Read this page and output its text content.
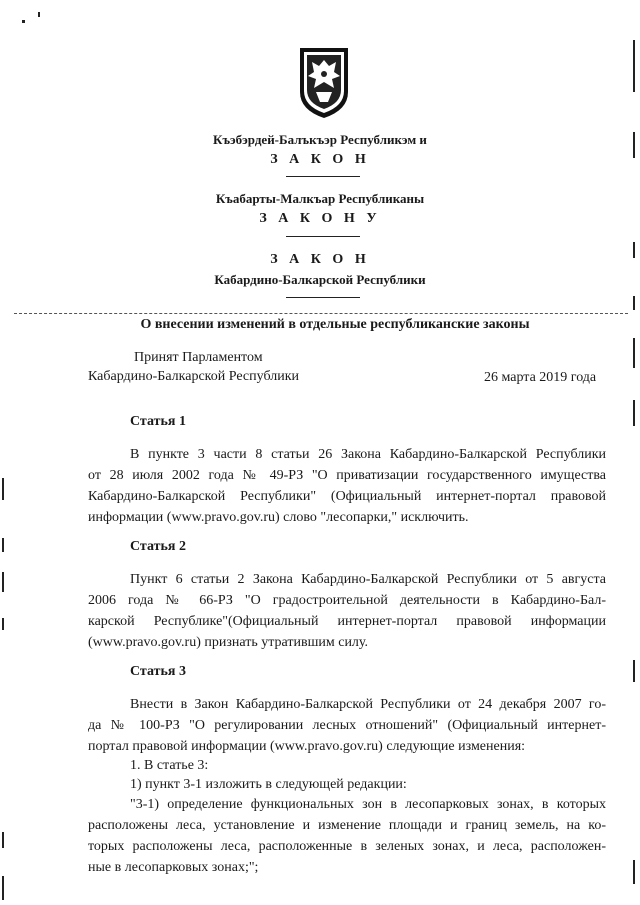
Къэбэрдей-Балъкъэр Республикэм и
З А К О Н
Къабарты-Малкъар Республиканы
З А К О Н У
З А К О Н
Кабардино-Балкарской Республики
О внесении изменений в отдельные республиканские законы
Принят Парламентом
Кабардино-Балкарской Республики	26 марта 2019 года
Статья 1
В пункте 3 части 8 статьи 26 Закона Кабардино-Балкарской Республики
от 28 июля 2002 года № 49-РЗ "О приватизации государственного имущества
Кабардино-Балкарской Республики" (Официальный интернет-портал правовой
информации (www.pravo.gov.ru) слово "лесопарки," исключить.
Статья 2
Пункт 6 статьи 2 Закона Кабардино-Балкарской Республики от 5 августа
2006 года № 66-РЗ "О градостроительной деятельности в Кабардино-Бал-
карской Республике"(Официальный интернет-портал правовой информации
(www.pravo.gov.ru) признать утратившим силу.
Статья 3
Внести в Закон Кабардино-Балкарской Республики от 24 декабря 2007 го-
да № 100-РЗ "О регулировании лесных отношений" (Официальный интернет-
портал правовой информации (www.pravo.gov.ru) следующие изменения:
1. В статье 3:
1) пункт 3-1 изложить в следующей редакции:
"3-1) определение функциональных зон в лесопарковых зонах, в которых
расположены леса, установление и изменение площади и границ земель, на ко-
торых расположены леса, расположенные в зеленых зонах, и леса, расположен-
ные в лесопарковых зонах;";
